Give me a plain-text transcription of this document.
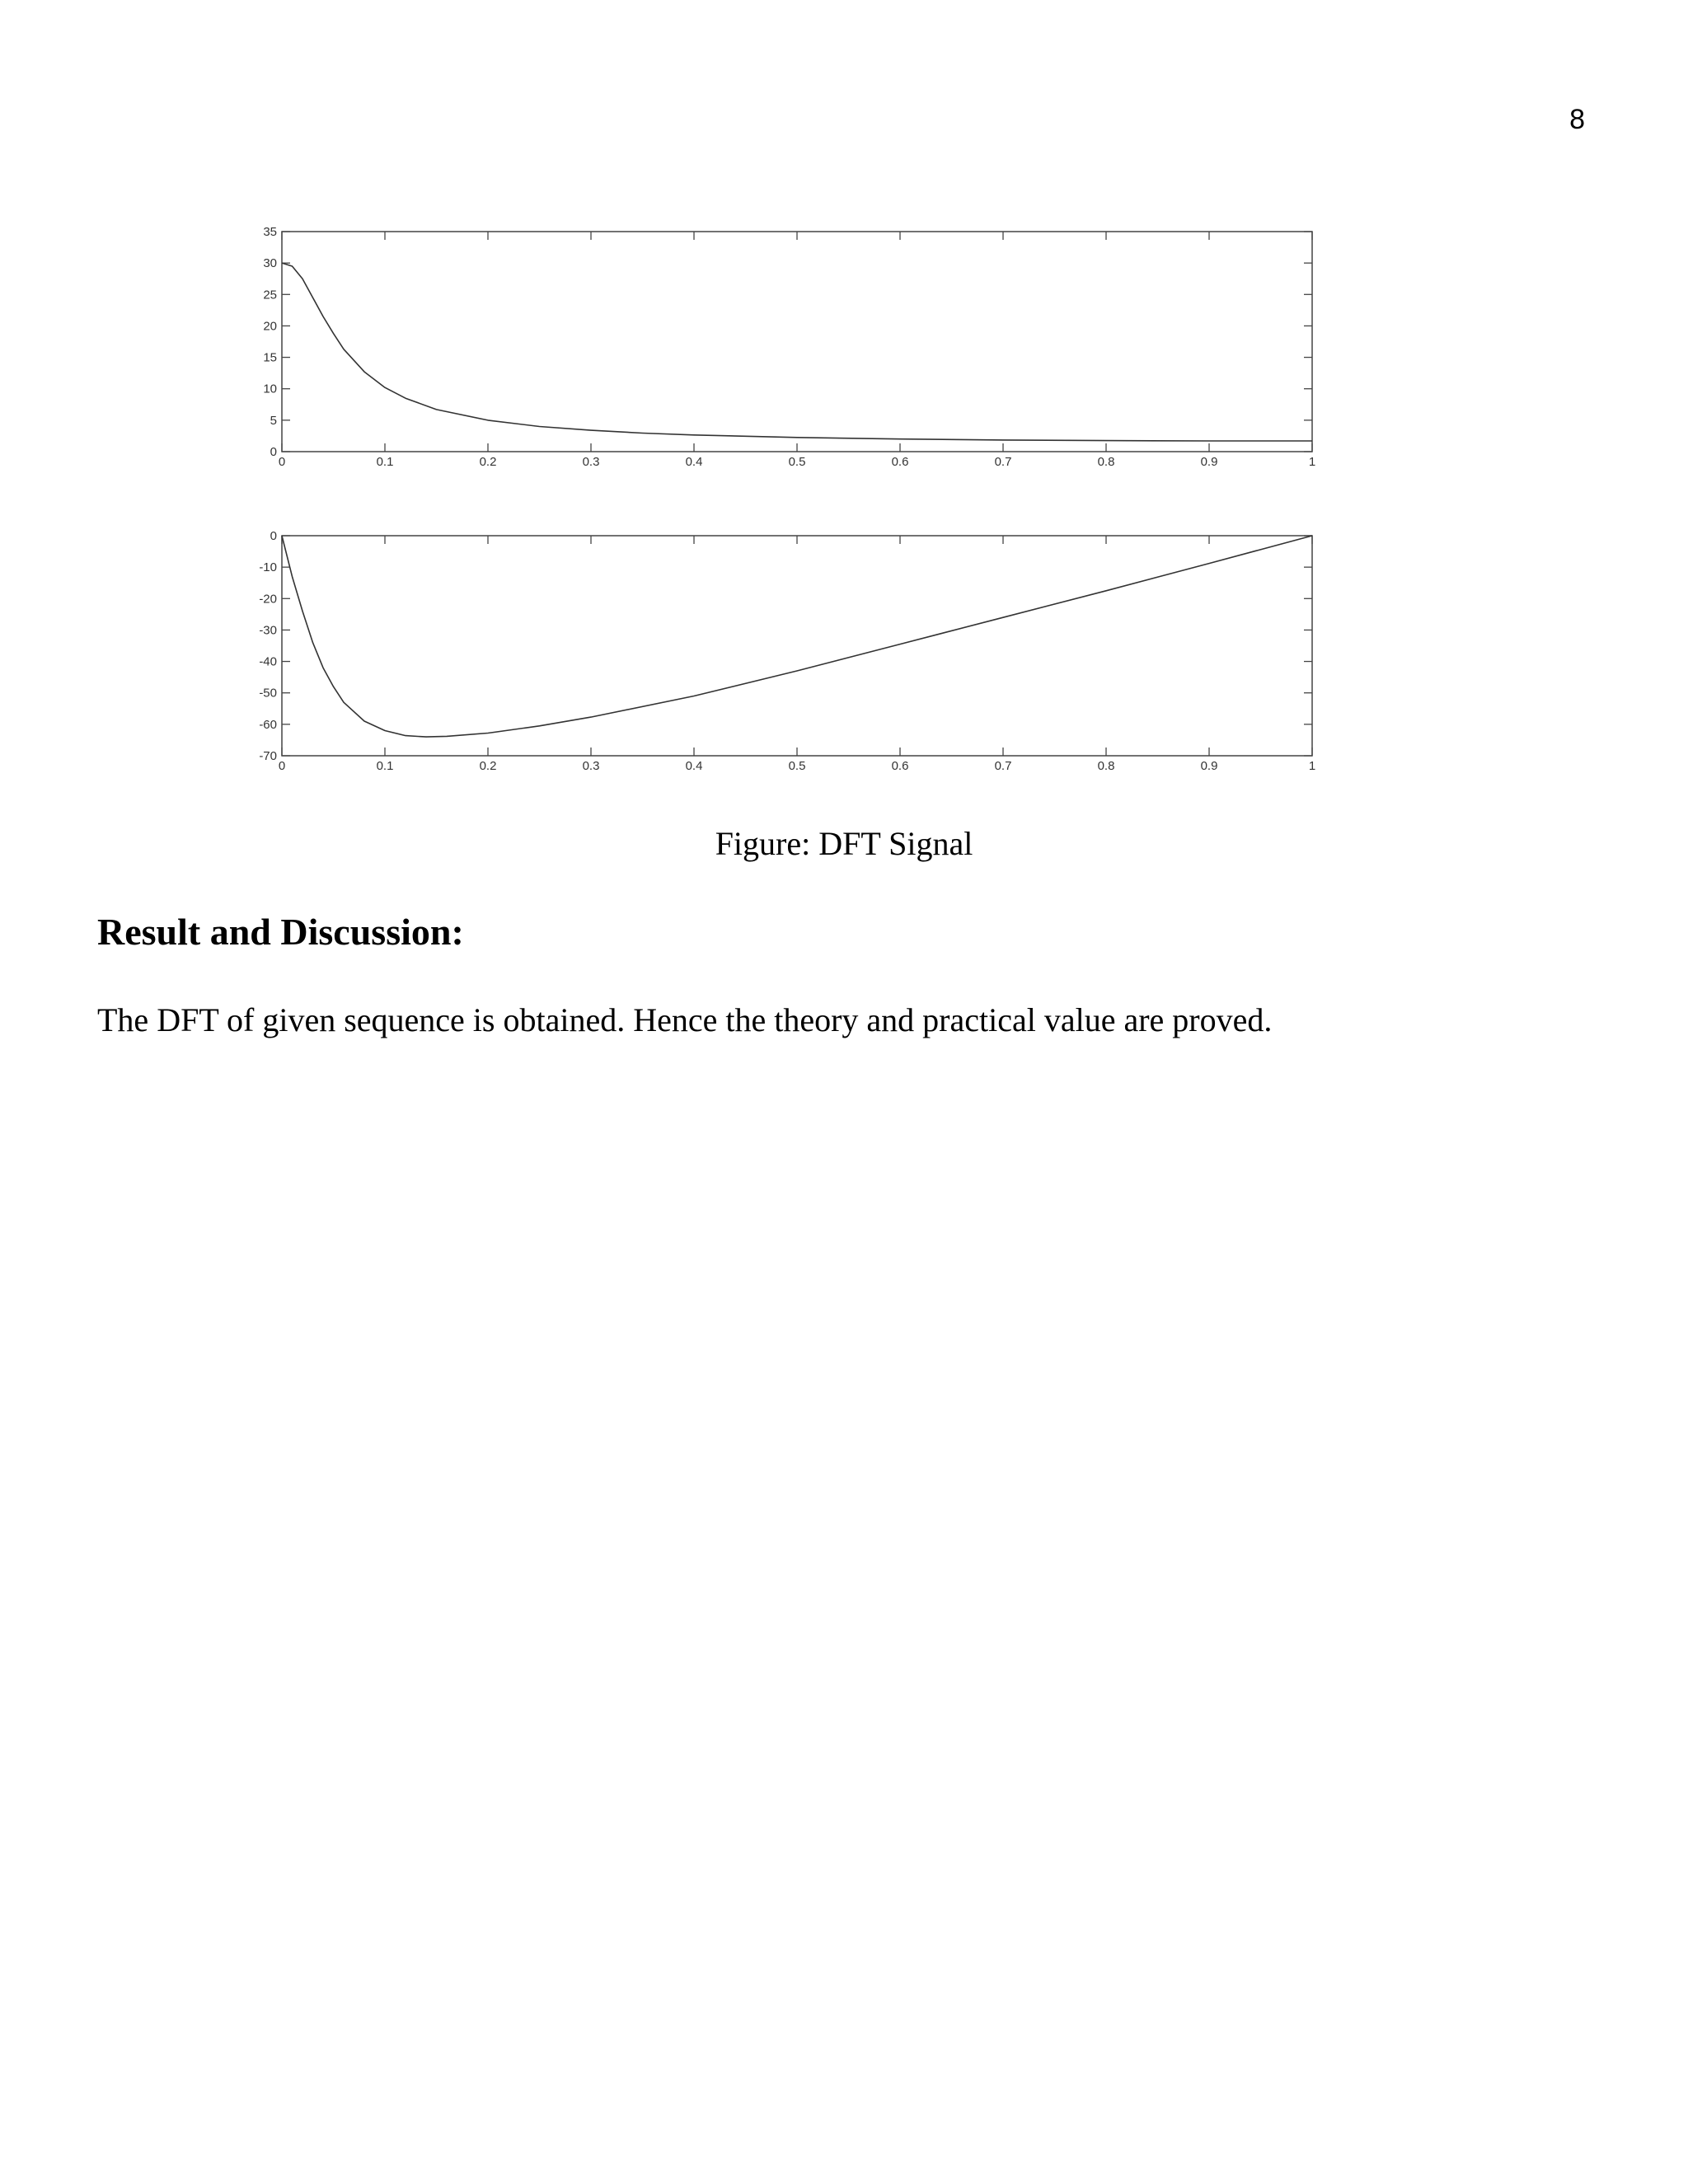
8
0	0.1	0.2	0.3	0.4	0.5	0.6	0.7	0.8	0.9	1
0
5
10
15
20
25
30
35
0	0.1	0.2	0.3	0.4	0.5	0.6	0.7	0.8	0.9	1
-70
-60
-50
-40
-30
-20
-10
0
Figure: DFT Signal
Result and Discussion:

The DFT of given sequence is obtained. Hence the theory and practical value are proved.
